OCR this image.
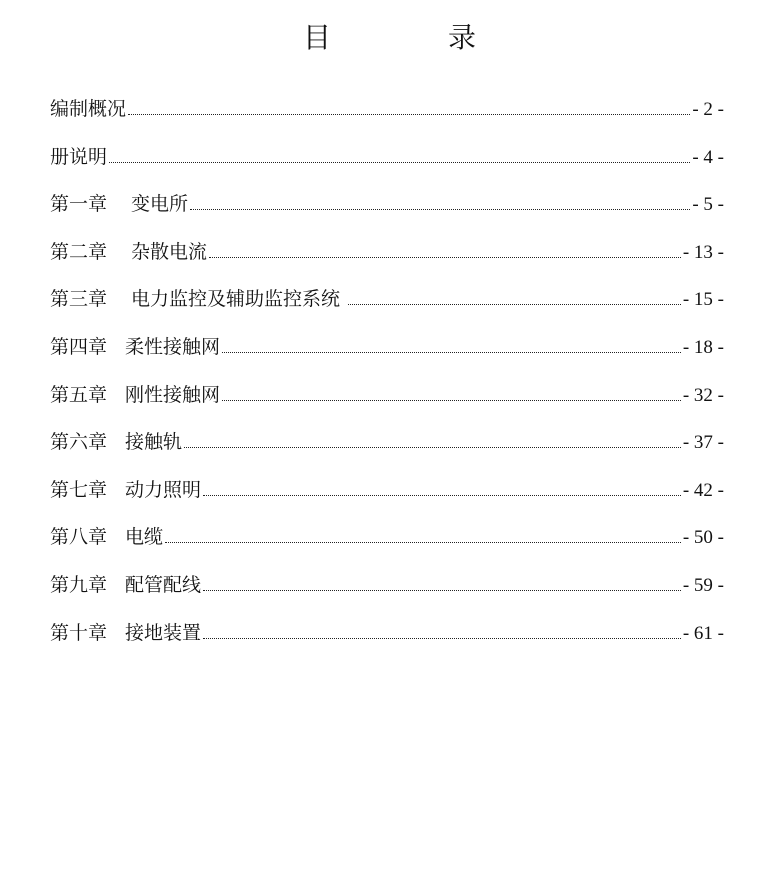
目 录
编制概况	- 2 -
册说明	- 4 -
第一章 变电所	- 5 -
第二章 杂散电流	- 13 -
第三章 电力监控及辅助监控系统	- 15 -
第四章 柔性接触网	- 18 -
第五章 刚性接触网	- 32 -
第六章 接触轨	- 37 -
第七章 动力照明	- 42 -
第八章 电缆	- 50 -
第九章 配管配线	- 59 -
第十章 接地装置	- 61 -
